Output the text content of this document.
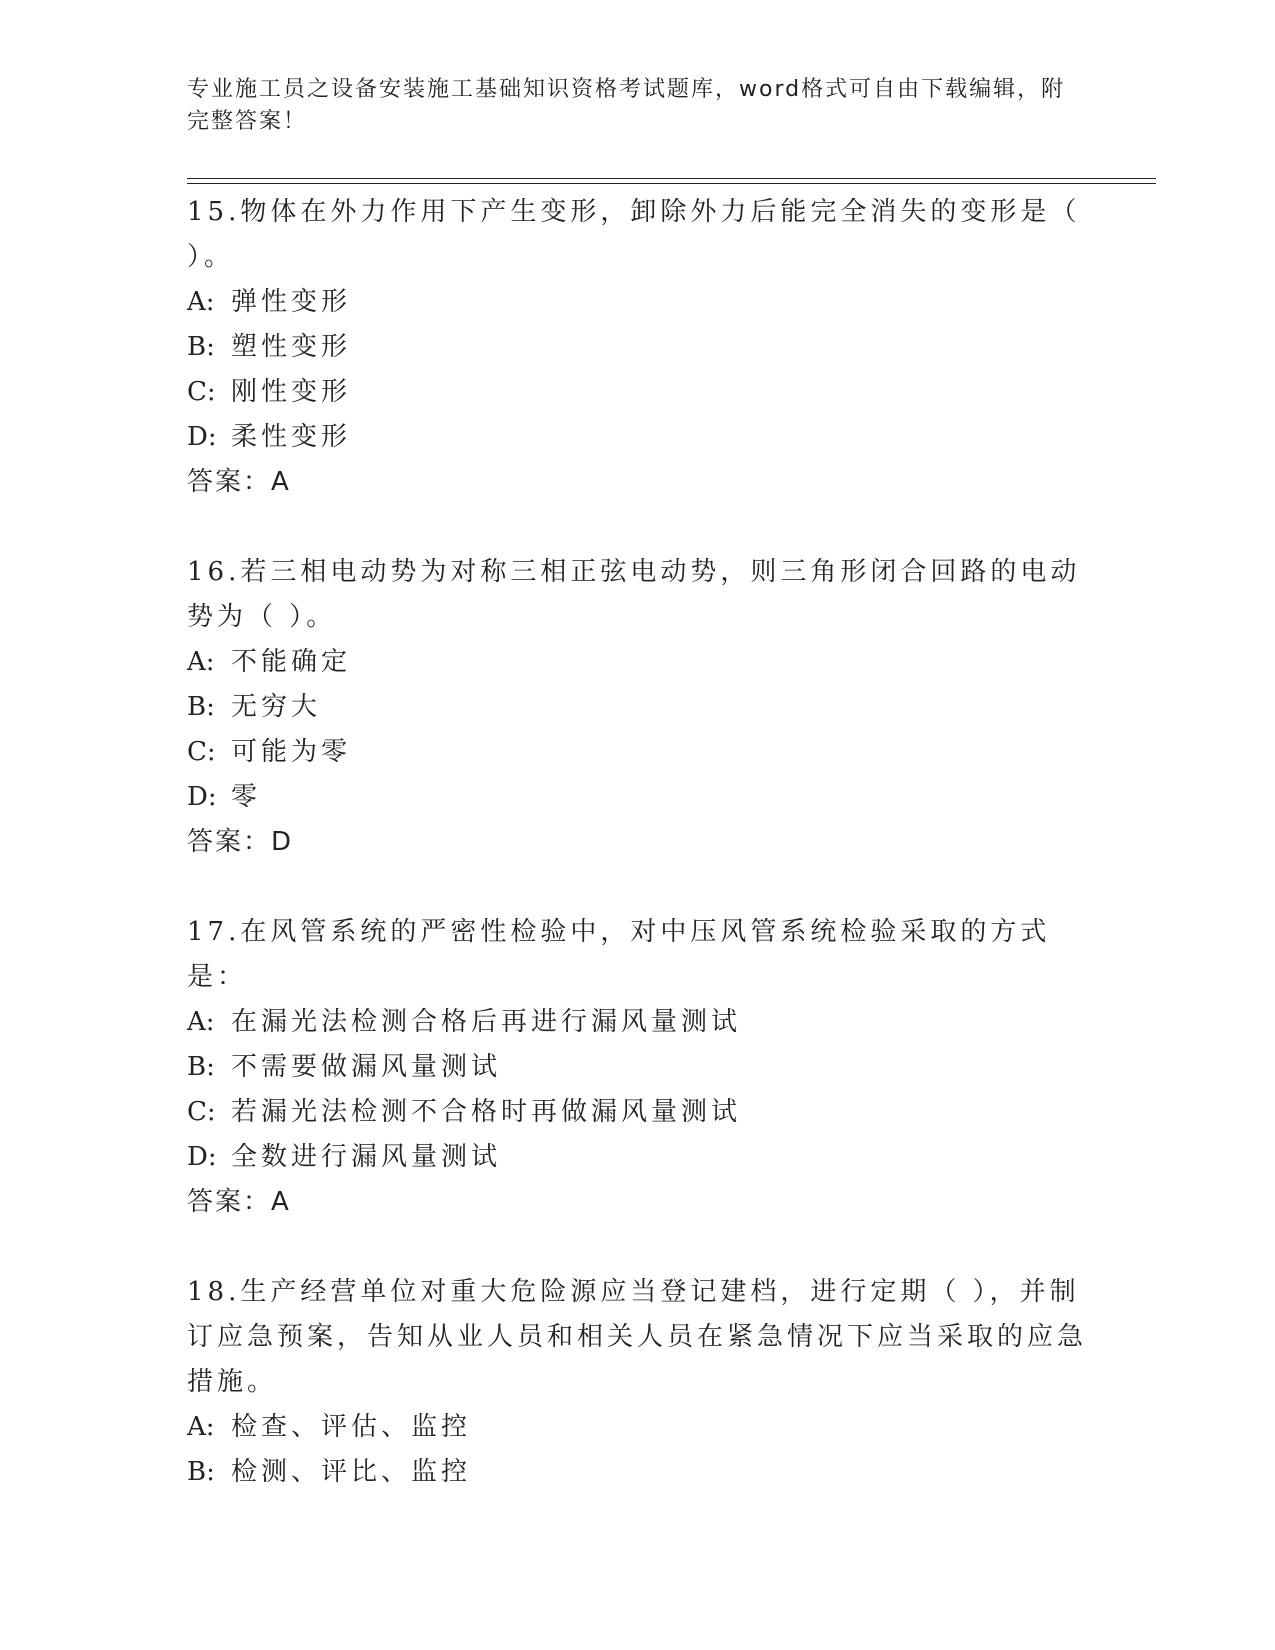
专业施工员之设备安装施工基础知识资格考试题库，word格式可自由下载编辑，附完整答案！

15.物体在外力作用下产生变形，卸除外力后能完全消失的变形是（ ）。

A: 弹性变形

B: 塑性变形

C: 刚性变形

D: 柔性变形

答案：A

16.若三相电动势为对称三相正弦电动势，则三角形闭合回路的电动势为（ ）。

A: 不能确定

B: 无穷大

C: 可能为零

D: 零

答案：D

17.在风管系统的严密性检验中，对中压风管系统检验采取的方式是：

A: 在漏光法检测合格后再进行漏风量测试

B: 不需要做漏风量测试

C: 若漏光法检测不合格时再做漏风量测试

D: 全数进行漏风量测试

答案：A

18.生产经营单位对重大危险源应当登记建档，进行定期（ ），并制订应急预案，告知从业人员和相关人员在紧急情况下应当采取的应急措施。

A: 检查、评估、监控

B: 检测、评比、监控
